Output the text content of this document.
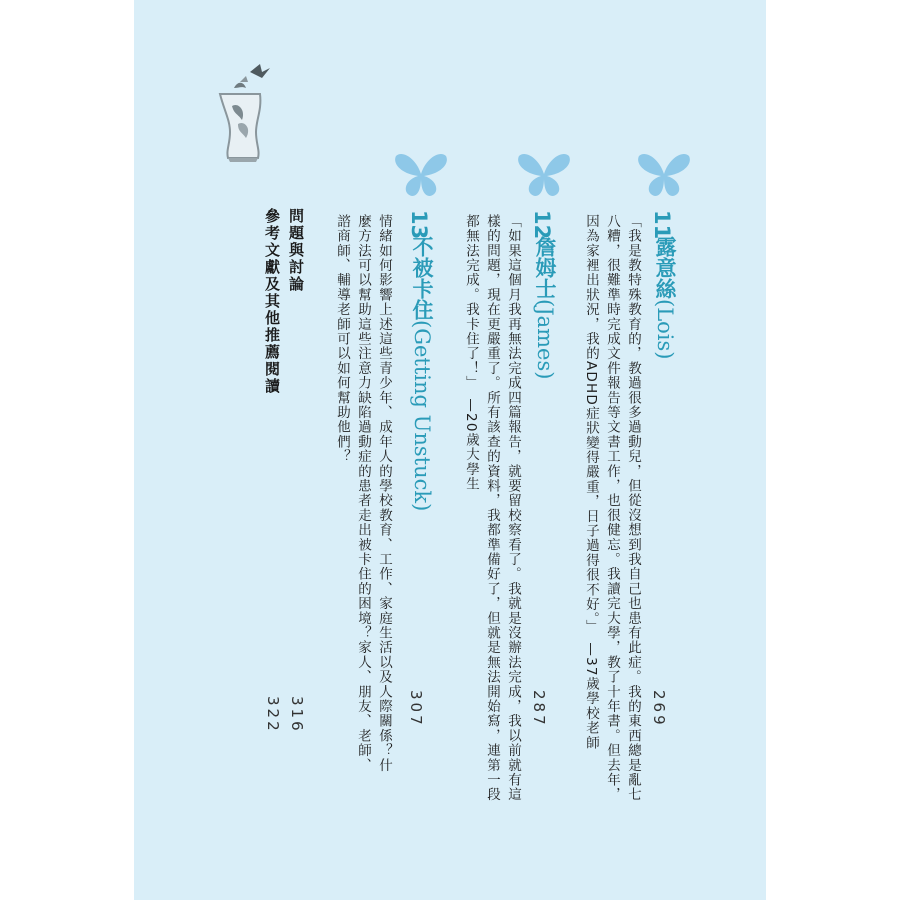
11
露意絲(Lois)
「我是教特殊教育的，教過很多過動兒，但從沒想到我自己也患有此症。我的東西總是亂七八糟，很難準時完成文件報告等文書工作，也很健忘。我讀完大學，教了十年書。但去年，因為家裡出狀況，我的ADHD症狀變得嚴重，日子過得很不好。」　—37歲學校老師	269
12
詹姆士(James)
「如果這個月我再無法完成四篇報告，就要留校察看了。我就是沒辦法完成，我以前就有這樣的問題，現在更嚴重了。所有該查的資料，我都準備好了，但就是無法開始寫，連第一段都無法完成。我卡住了！」　—20歲大學生
287
13
不被卡住(Getting Unstuck)
情緒如何影響上述這些青少年、成年人的學校教育、工作、家庭生活以及人際關係？什麼方法可以幫助這些注意力缺陷過動症的患者走出被卡住的困境？家人、朋友、老師、諮商師、輔導老師可以如何幫助他們？
307
問題與討論
316
參考文獻及其他推薦閱讀
322
